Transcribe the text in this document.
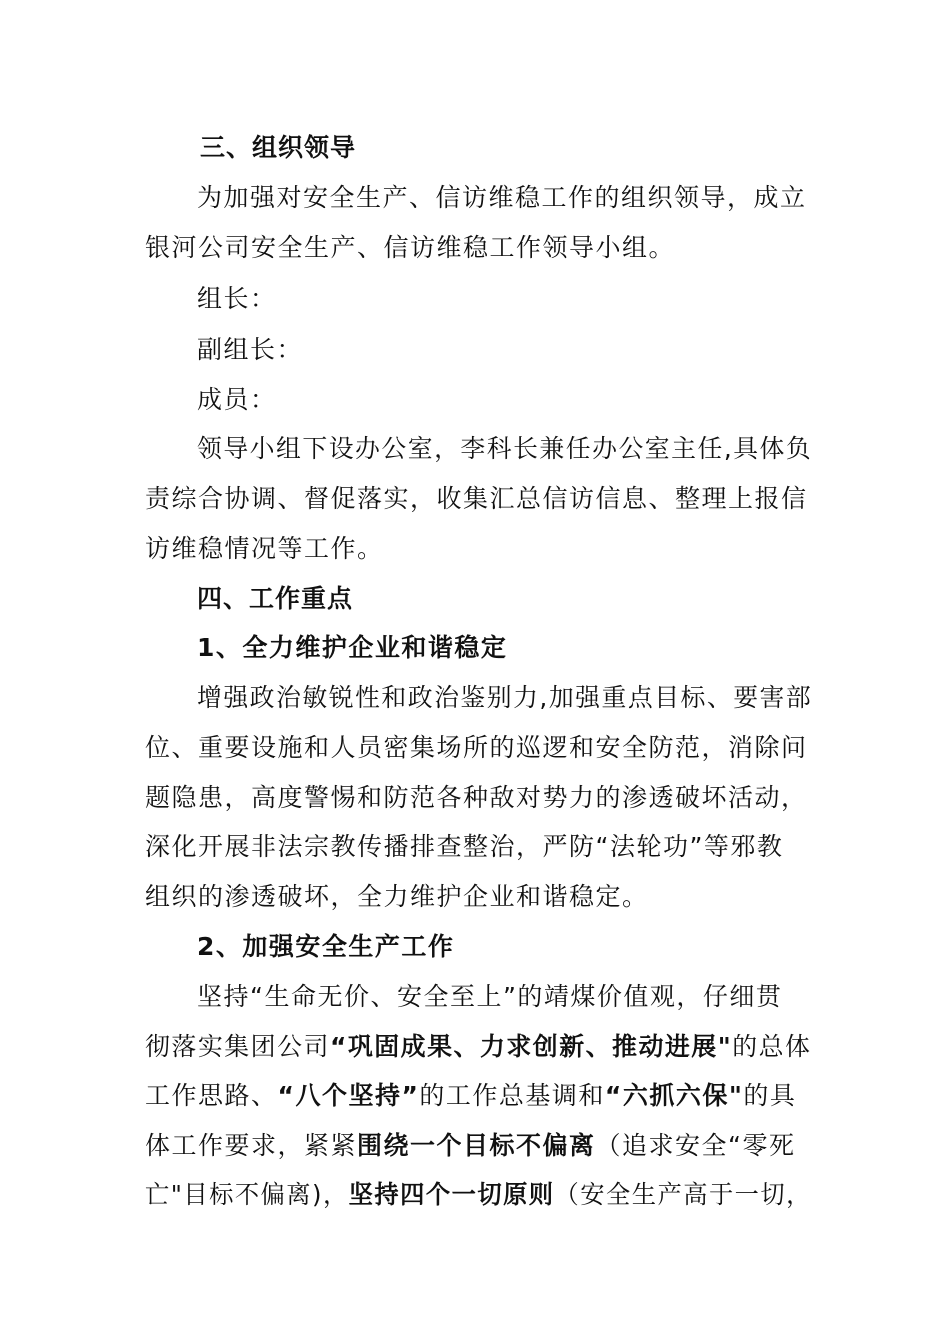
三、组织领导
为加强对安全生产、信访维稳工作的组织领导，成立
银河公司安全生产、信访维稳工作领导小组。
组长：
副组长：
成员：
领导小组下设办公室，李科长兼任办公室主任,具体负
责综合协调、督促落实，收集汇总信访信息、整理上报信
访维稳情况等工作。
四、工作重点
1、全力维护企业和谐稳定
增强政治敏锐性和政治鉴别力,加强重点目标、要害部
位、重要设施和人员密集场所的巡逻和安全防范，消除问
题隐患，高度警惕和防范各种敌对势力的渗透破坏活动，
深化开展非法宗教传播排查整治，严防“法轮功”等邪教
组织的渗透破坏，全力维护企业和谐稳定。
2、加强安全生产工作
坚持“生命无价、安全至上”的靖煤价值观，仔细贯
彻落实集团公司“巩固成果、力求创新、推动进展"的总体
工作思路、“八个坚持”的工作总基调和“六抓六保"的具
体工作要求，紧紧围绕一个目标不偏离（追求安全“零死
亡"目标不偏离)，坚持四个一切原则（安全生产高于一切，
